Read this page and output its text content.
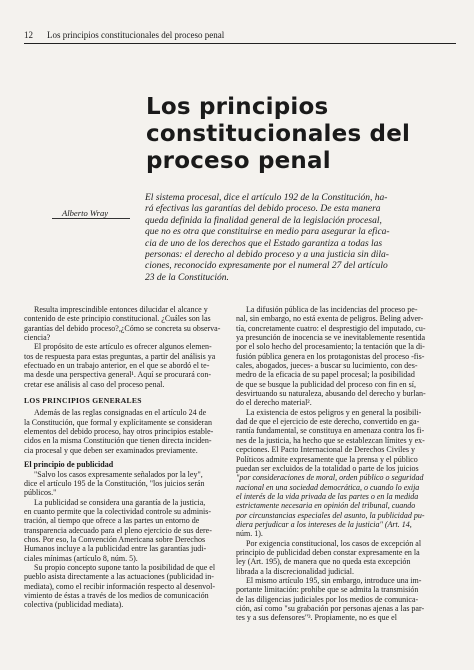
12 Los principios constitucionales del proceso penal
Los principios
constitucionales del
proceso penal
Alberto Wray
El sistema procesal, dice el artículo 192 de la Constitución, ha-
rá efectivas las garantías del debido proceso. De esta manera
queda definida la finalidad general de la legislación procesal,
que no es otra que constituirse en medio para asegurar la efica-
cia de uno de los derechos que el Estado garantiza a todas las
personas: el derecho al debido proceso y a una justicia sin dila-
ciones, reconocido expresamente por el numeral 27 del artículo
23 de la Constitución.
Resulta imprescindible entonces dilucidar el alcance y
contenido de este principio constitucional. ¿Cuáles son las
garantías del debido proceso?,¿Cómo se concreta su observa-
ciencia?
El propósito de este artículo es ofrecer algunos elemen-
tos de respuesta para estas preguntas, a partir del análisis ya
efectuado en un trabajo anterior, en el que se abordó el te-
ma desde una perspectiva general¹. Aquí se procurará con-
cretar ese análisis al caso del proceso penal.
LOS PRINCIPIOS GENERALES
Además de las reglas consignadas en el artículo 24 de
la Constitución, que formal y explícitamente se consideran
elementos del debido proceso, hay otros principios estable-
cidos en la misma Constitución que tienen directa inciden-
cia procesal y que deben ser examinados previamente.
El principio de publicidad
"Salvo los casos expresamente señalados por la ley",
dice el artículo 195 de la Constitución, "los juicios serán
públicos."
La publicidad se considera una garantía de la justicia,
en cuanto permite que la colectividad controle su adminis-
tración, al tiempo que ofrece a las partes un entorno de
transparencia adecuado para el pleno ejercicio de sus dere-
chos. Por eso, la Convención Americana sobre Derechos
Humanos incluye a la publicidad entre las garantías judi-
ciales mínimas (artículo 8, núm. 5).
Su propio concepto supone tanto la posibilidad de que el
pueblo asista directamente a las actuaciones (publicidad in-
mediata), como el recibir información respecto al desenvol-
vimiento de éstas a través de los medios de comunicación
colectiva (publicidad mediata).
La difusión pública de las incidencias del proceso pe-
nal, sin embargo, no está exenta de peligros. Beling adver-
tía, concretamente cuatro: el desprestigio del imputado, cu-
ya presunción de inocencia se ve inevitablemente resentida
por el solo hecho del procesamiento; la tentación que la di-
fusión pública genera en los protagonistas del proceso -fis-
cales, abogados, jueces- a buscar su lucimiento, con des-
medro de la eficacia de su papel procesal; la posibilidad
de que se busque la publicidad del proceso con fin en sí,
desvirtuando su naturaleza, abusando del derecho y burlan-
do el derecho material².
La existencia de estos peligros y en general la posibili-
dad de que el ejercicio de este derecho, convertido en ga-
rantía fundamental, se constituya en amenaza contra los fi-
nes de la justicia, ha hecho que se establezcan límites y ex-
cepciones. El Pacto Internacional de Derechos Civiles y
Políticos admite expresamente que la prensa y el público
puedan ser excluidos de la totalidad o parte de los juicios
"por consideraciones de moral, orden público o seguridad
nacional en una sociedad democrática, o cuando lo exija
el interés de la vida privada de las partes o en la medida
estrictamente necesaria en opinión del tribunal, cuando
por circunstancias especiales del asunto, la publicidad pu-
diera perjudicar a los intereses de la justicia" (Art. 14,
núm. 1).
Por exigencia constitucional, los casos de excepción al
principio de publicidad deben constar expresamente en la
ley (Art. 195), de manera que no queda esta excepción
librada a la discrecionalidad judicial.
El mismo artículo 195, sin embargo, introduce una im-
portante limitación: prohibe que se admita la transmisión
de las diligencias judiciales por los medios de comunica-
ción, así como "su grabación por personas ajenas a las par-
tes y a sus defensores"³. Propiamente, no es que el
